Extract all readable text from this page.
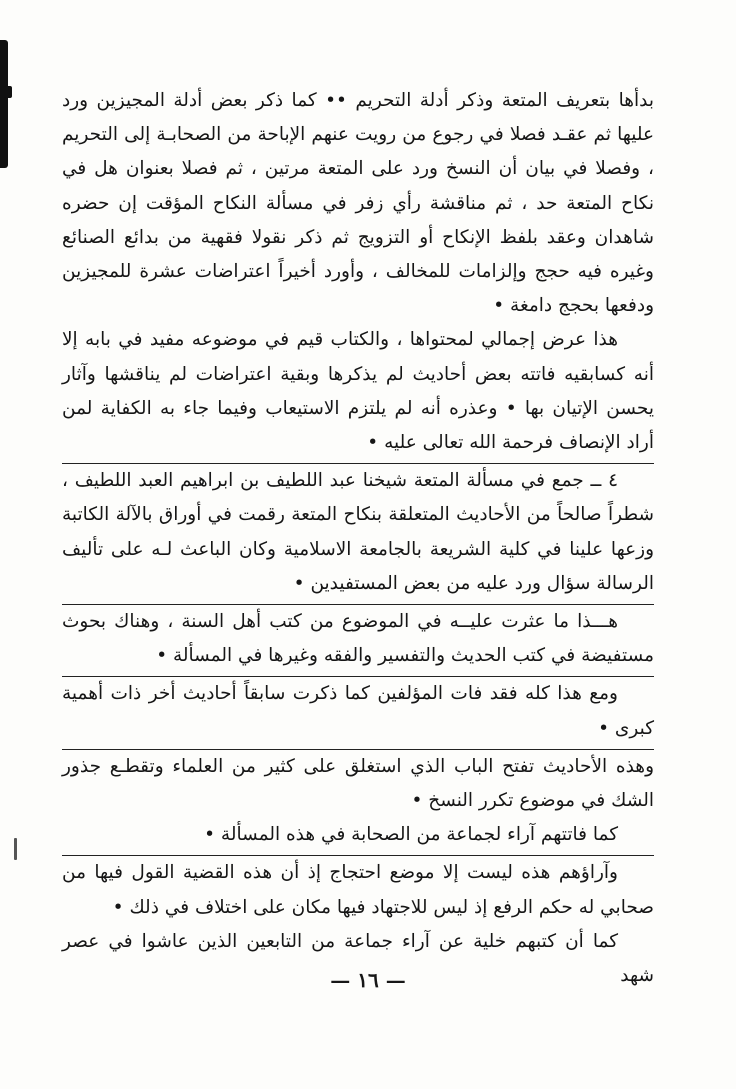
بدأها بتعريف المتعة وذكر أدلة التحريم •• كما ذكر بعض أدلة المجيزين ورد عليها ثم عقـد فصلا في رجوع من رويت عنهم الإباحة من الصحابـة إلى التحريم ، وفصلا في بيان أن النسخ ورد على المتعة مرتين ، ثم فصلا بعنوان هل في نكاح المتعة حد ، ثم مناقشة رأي زفر في مسألة النكاح المؤقت إن حضره شاهدان وعقد بلفظ الإنكاح أو التزويج ثم ذكر نقولا فقهية من بدائع الصنائع وغيره فيه حجج وإلزامات للمخالف ، وأورد أخيراً اعتراضات عشرة للمجيزين ودفعها بحجج دامغة •

هذا عرض إجمالي لمحتواها ، والكتاب قيم في موضوعه مفيد في بابه إلا أنه كسابقيه فاتته بعض أحاديث لم يذكرها وبقية اعتراضات لم يناقشها وآثار يحسن الإتيان بها • وعذره أنه لم يلتزم الاستيعاب وفيما جاء به الكفاية لمن أراد الإنصاف فرحمة الله تعالى عليه •

٤ ــ جمع في مسألة المتعة شيخنا عبد اللطيف بن ابراهيم العبد اللطيف ، شطراً صالحاً من الأحاديث المتعلقة بنكاح المتعة رقمت في أوراق بالآلة الكاتبة وزعها علينا في كلية الشريعة بالجامعة الاسلامية وكان الباعث لـه على تأليف الرسالة سؤال ورد عليه من بعض المستفيدين •

هـــذا ما عثرت عليــه في الموضوع من كتب أهل السنة ، وهناك بحوث مستفيضة في كتب الحديث والتفسير والفقه وغيرها في المسألة •

ومع هذا كله فقد فات المؤلفين كما ذكرت سابقاً أحاديث أخر ذات أهمية كبرى •

وهذه الأحاديث تفتح الباب الذي استغلق على كثير من العلماء وتقطـع جذور الشك في موضوع تكرر النسخ •

كما فاتتهم آراء لجماعة من الصحابة في هذه المسألة •

وآراؤهم هذه ليست إلا موضع احتجاج إذ أن هذه القضية القول فيها من صحابي له حكم الرفع إذ ليس للاجتهاد فيها مكان على اختلاف في ذلك •

كما أن كتبهم خلية عن آراء جماعة من التابعين الذين عاشوا في عصر شهد

— ١٦ —
